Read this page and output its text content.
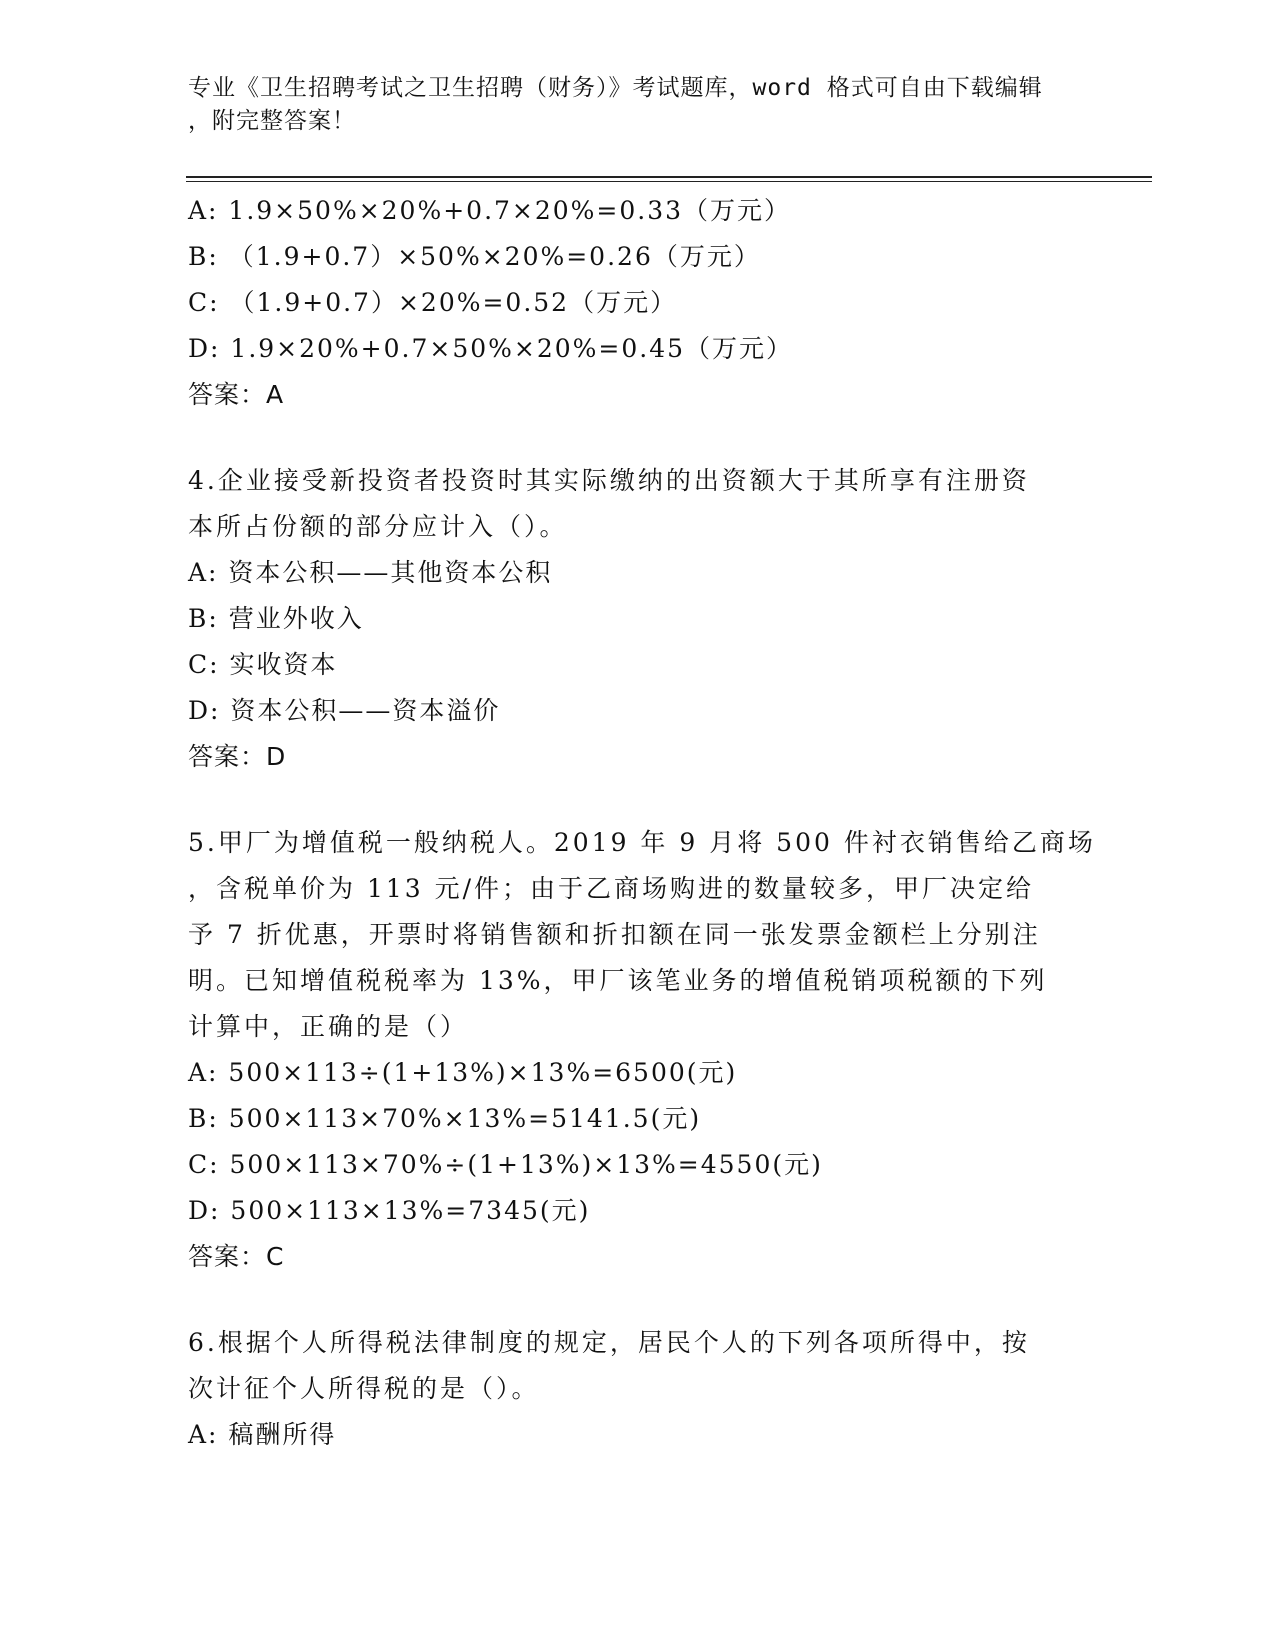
专业《卫生招聘考试之卫生招聘（财务）》考试题库，word 格式可自由下载编辑
，附完整答案！
A: 1.9×50%×20%+0.7×20%=0.33（万元）
B: （1.9+0.7）×50%×20%=0.26（万元）
C: （1.9+0.7）×20%=0.52（万元）
D: 1.9×20%+0.7×50%×20%=0.45（万元）
答案：A
4.企业接受新投资者投资时其实际缴纳的出资额大于其所享有注册资
本所占份额的部分应计入（）。
A: 资本公积——其他资本公积
B: 营业外收入
C: 实收资本
D: 资本公积——资本溢价
答案：D
5.甲厂为增值税一般纳税人。2019 年 9 月将 500 件衬衣销售给乙商场
，含税单价为 113 元/件；由于乙商场购进的数量较多，甲厂决定给
予 7 折优惠，开票时将销售额和折扣额在同一张发票金额栏上分别注
明。已知增值税税率为 13%，甲厂该笔业务的增值税销项税额的下列
计算中，正确的是（）
A: 500×113÷(1+13%)×13%=6500(元)
B: 500×113×70%×13%=5141.5(元)
C: 500×113×70%÷(1+13%)×13%=4550(元)
D: 500×113×13%=7345(元)
答案：C
6.根据个人所得税法律制度的规定，居民个人的下列各项所得中，按
次计征个人所得税的是（）。
A: 稿酬所得
